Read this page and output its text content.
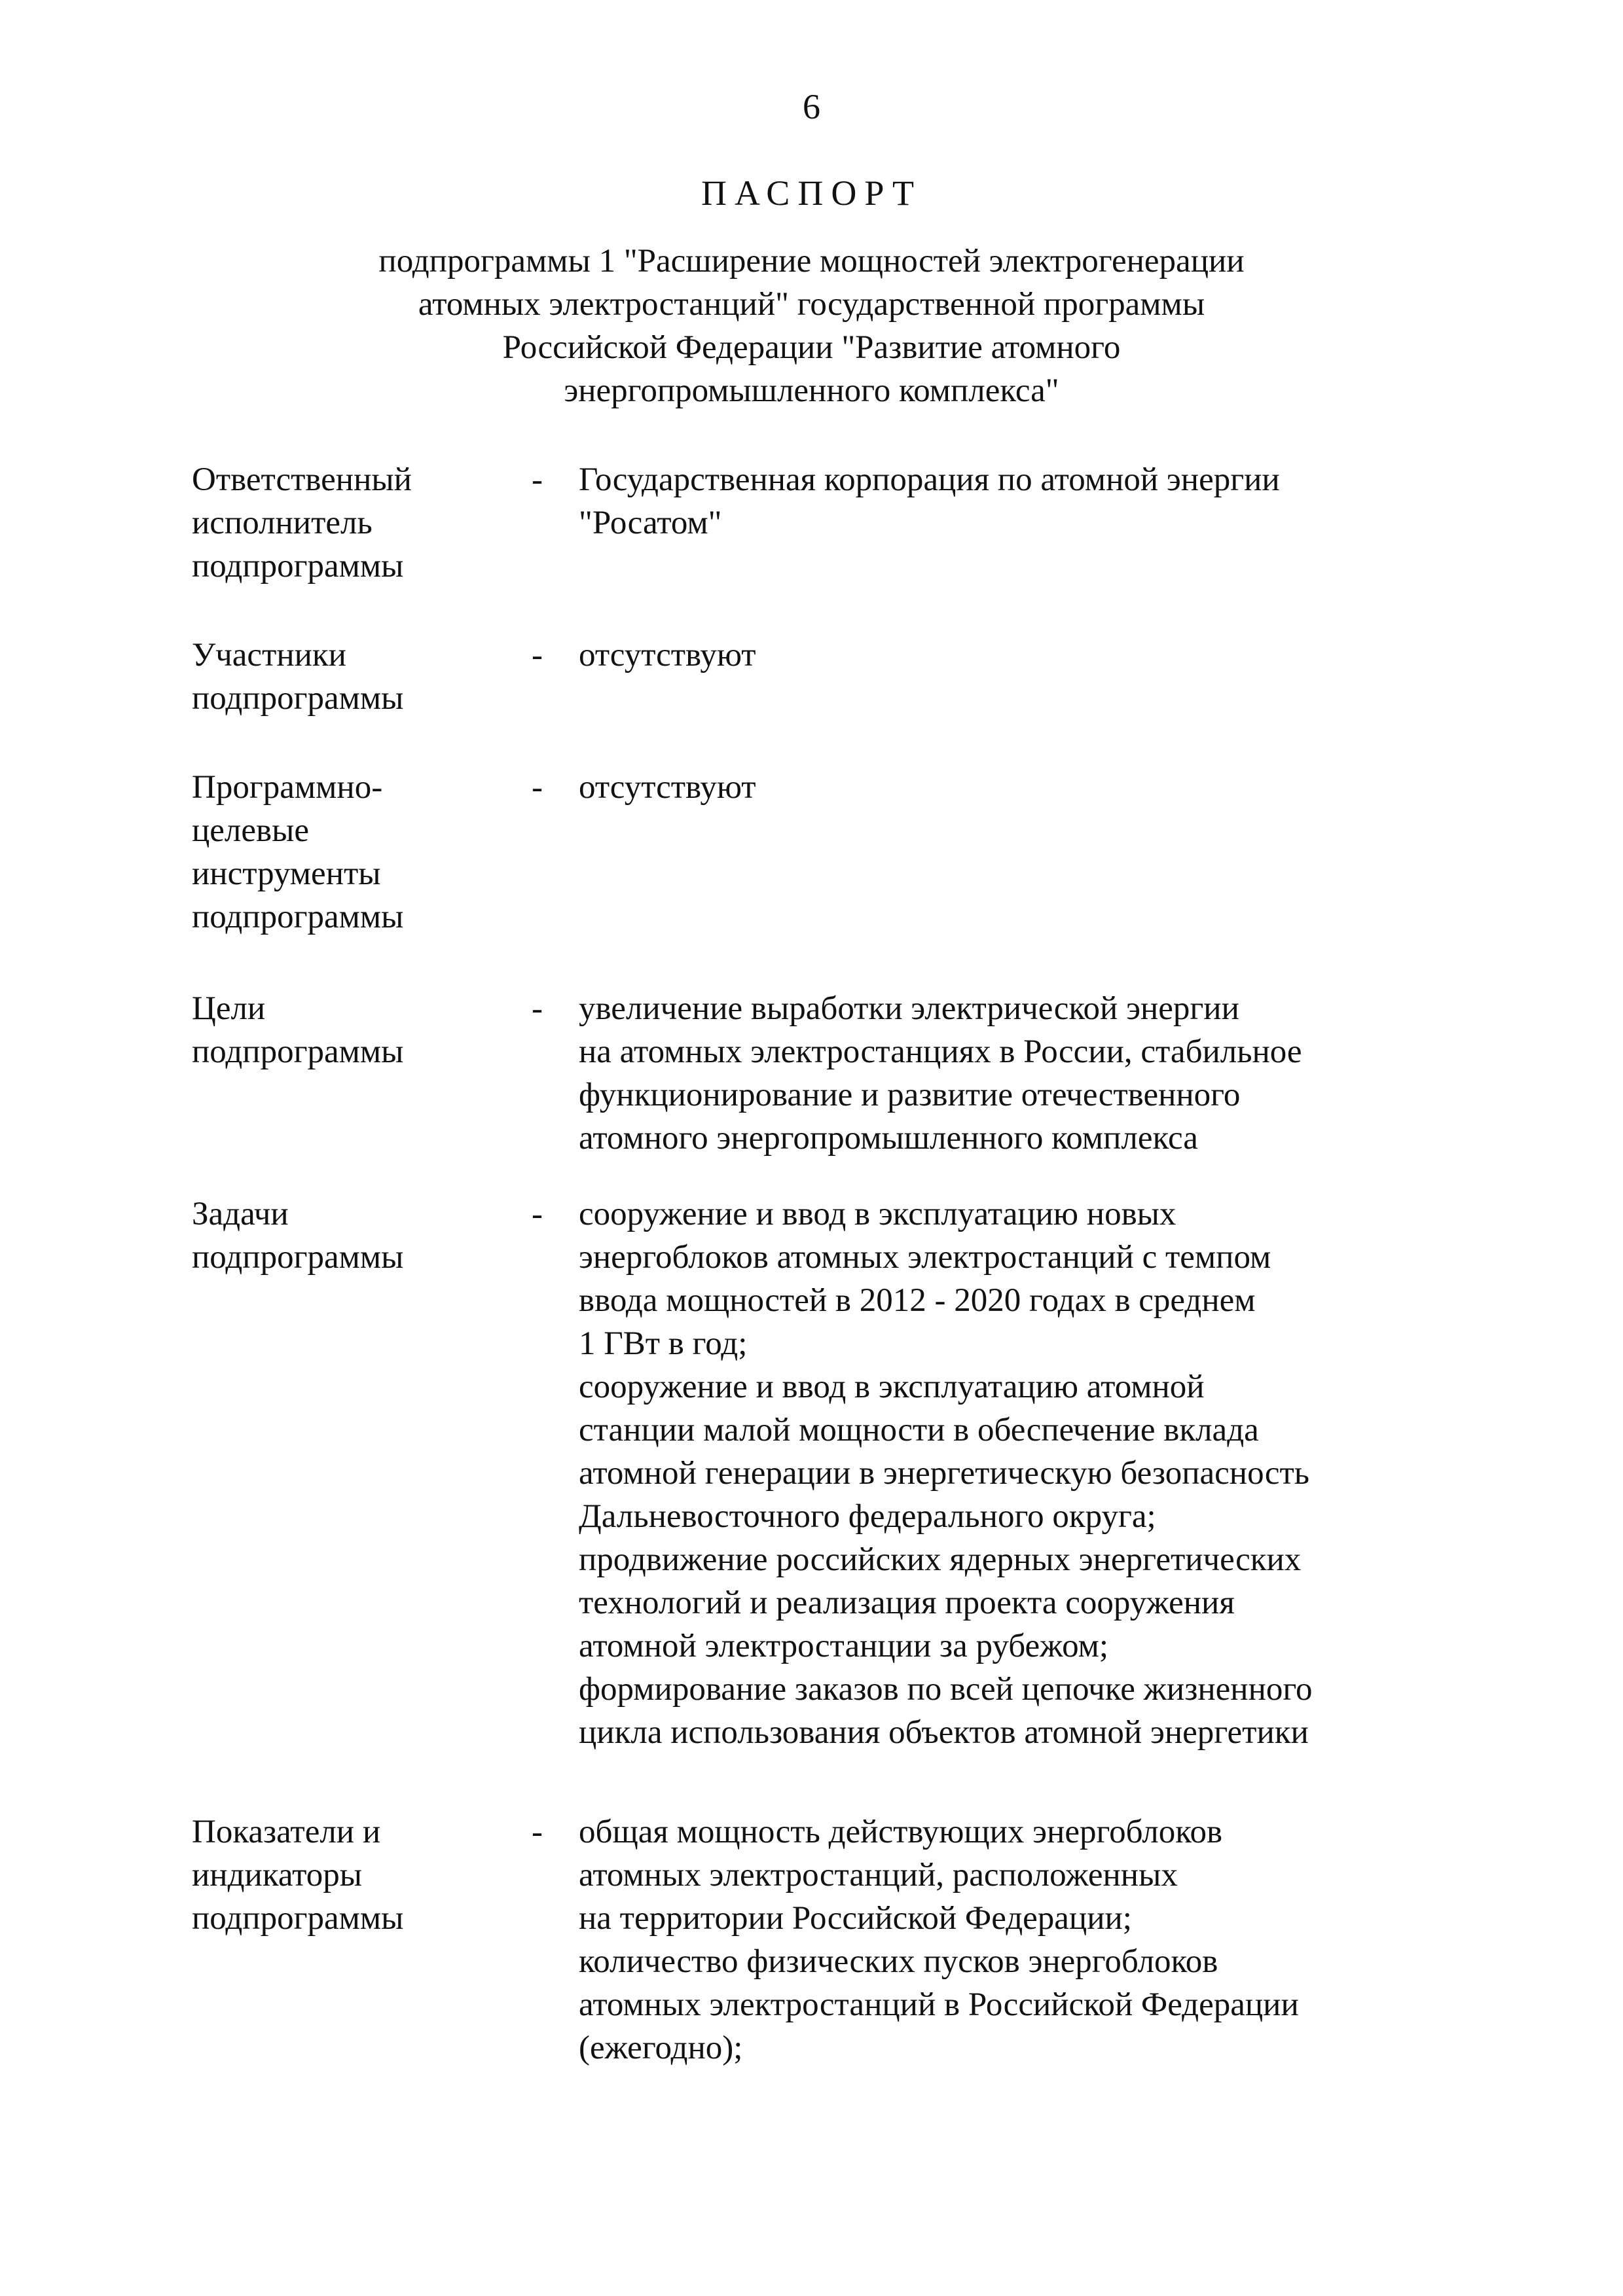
6
ПАСПОРТ
подпрограммы 1 "Расширение мощностей электрогенерации
атомных электростанций" государственной программы
Российской Федерации "Развитие атомного
энергопромышленного комплекса"
Ответственный
исполнитель
подпрограммы
- Государственная корпорация по атомной энергии
"Росатом"
Участники
подпрограммы
- отсутствуют
Программно-
целевые
инструменты
подпрограммы
- отсутствуют
Цели
подпрограммы
- увеличение выработки электрической энергии
на атомных электростанциях в России, стабильное
функционирование и развитие отечественного
атомного энергопромышленного комплекса
Задачи
подпрограммы
- сооружение и ввод в эксплуатацию новых
энергоблоков атомных электростанций с темпом
ввода мощностей в 2012 - 2020 годах в среднем
1 ГВт в год;
сооружение и ввод в эксплуатацию атомной
станции малой мощности в обеспечение вклада
атомной генерации в энергетическую безопасность
Дальневосточного федерального округа;
продвижение российских ядерных энергетических
технологий и реализация проекта сооружения
атомной электростанции за рубежом;
формирование заказов по всей цепочке жизненного
цикла использования объектов атомной энергетики
Показатели и
индикаторы
подпрограммы
- общая мощность действующих энергоблоков
атомных электростанций, расположенных
на территории Российской Федерации;
количество физических пусков энергоблоков
атомных электростанций в Российской Федерации
(ежегодно);
